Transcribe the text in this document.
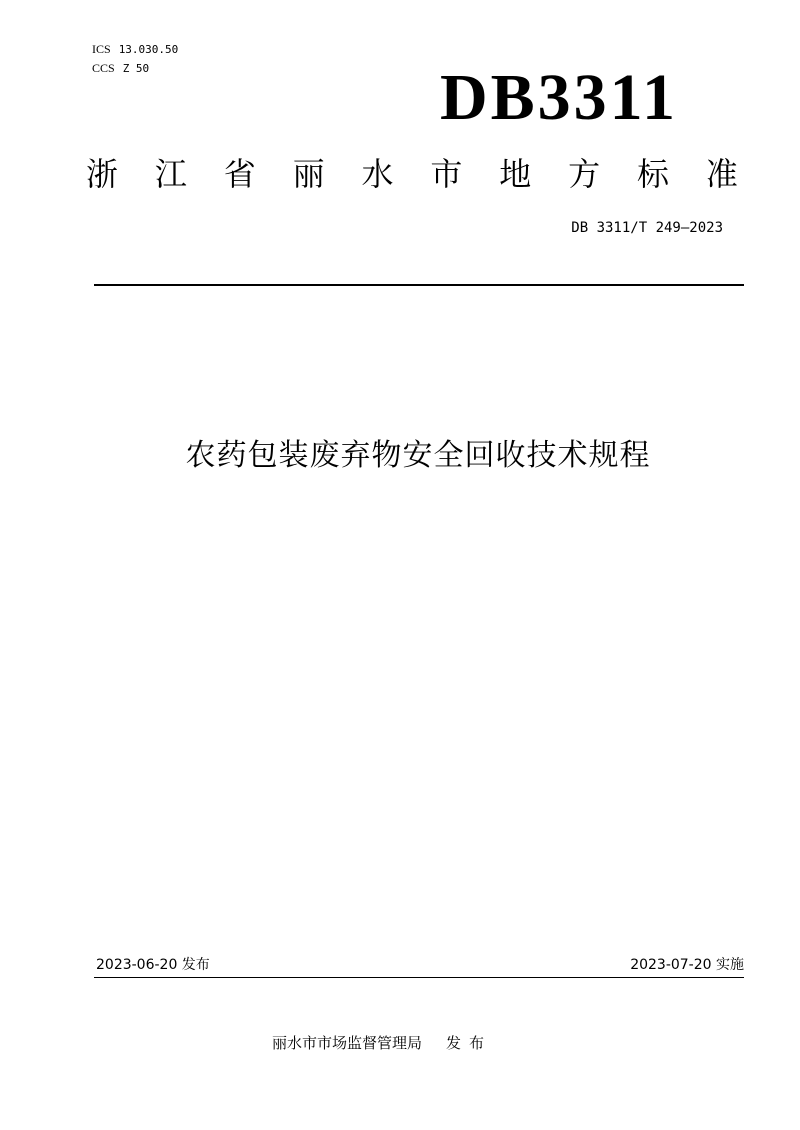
ICS 13.030.50
CCS Z 50	DB3311
浙 江 省 丽 水 市 地 方 标 准
DB 3311/T 249—2023
农药包装废弃物安全回收技术规程
2023-06-20 发布	2023-07-20 实施
丽水市市场监督管理局 发布
